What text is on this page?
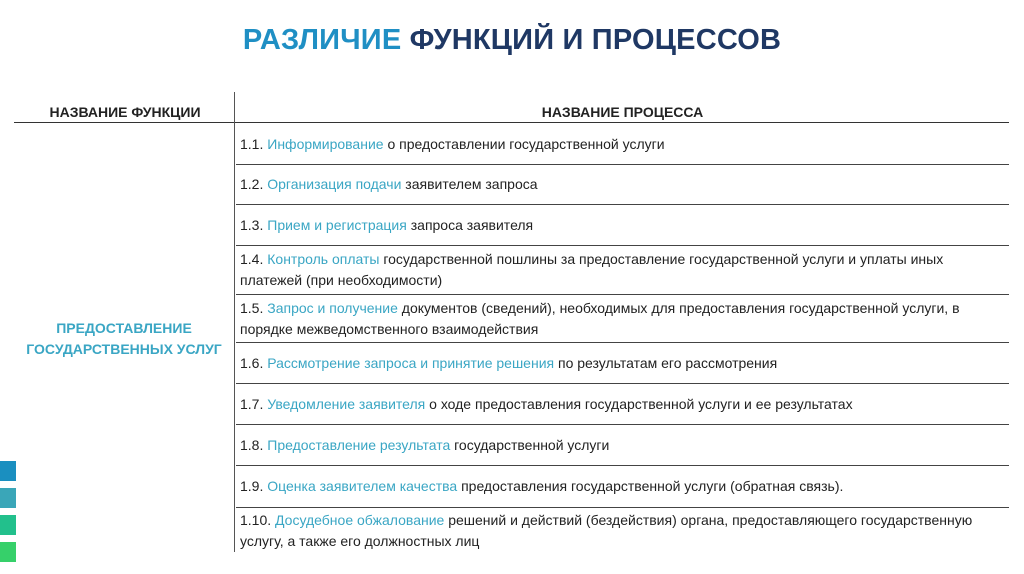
РАЗЛИЧИЕ ФУНКЦИЙ И ПРОЦЕССОВ
НАЗВАНИЕ ФУНКЦИИ	НАЗВАНИЕ ПРОЦЕССА
ПРЕДОСТАВЛЕНИЕ
ГОСУДАРСТВЕННЫХ УСЛУГ
1.1. Информирование о предоставлении государственной услуги
1.2. Организация подачи заявителем запроса
1.3. Прием и регистрация запроса заявителя
1.4. Контроль оплаты государственной пошлины за предоставление государственной услуги и уплаты иных платежей (при необходимости)
1.5. Запрос и получение документов (сведений), необходимых для предоставления государственной услуги, в порядке межведомственного взаимодействия
1.6. Рассмотрение запроса и принятие решения по результатам его рассмотрения
1.7. Уведомление заявителя о ходе предоставления государственной услуги и ее результатах
1.8. Предоставление результата государственной услуги
1.9. Оценка заявителем качества предоставления государственной услуги (обратная связь).
1.10. Досудебное обжалование решений и действий (бездействия) органа, предоставляющего государственную услугу, а также его должностных лиц
